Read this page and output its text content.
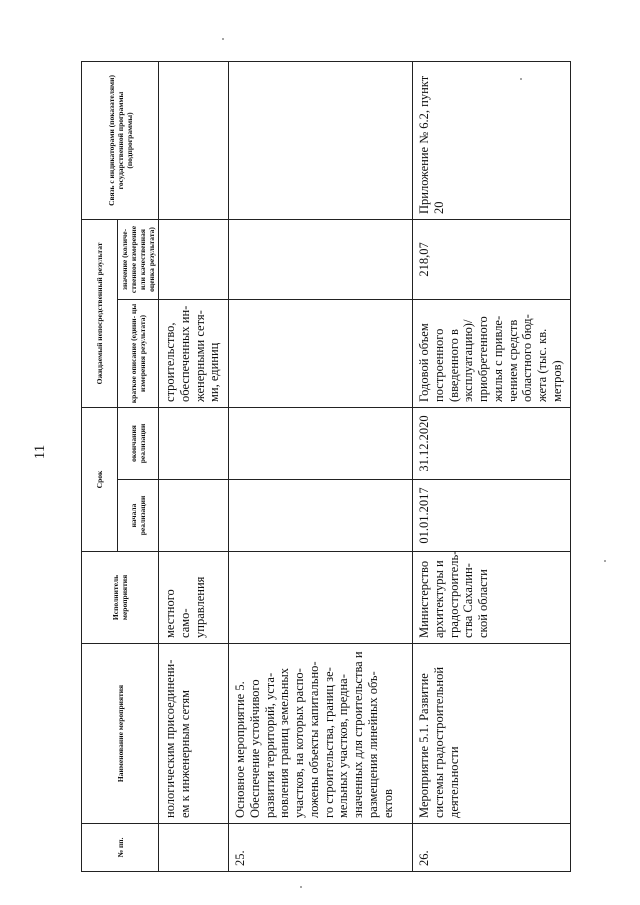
11
№ пп.	Наименование мероприятия	Исполнитель мероприятия	Срок		Ожидаемый непосредственный результат		Связь с индикаторами (показателями) государственной программы (подпрограммы)
			начала реализации	окончания реализации	краткое описание (едини- цы измерения результата)	значение (количе- ственное измерение или качественная оценка результата)	
	нологическим присоединени- ем к инженерным сетям	местного само- управления			строительство, обеспеченных ин- женерными сетя- ми, единиц		
25.	Основное мероприятие 5. Обеспечение устойчивого развития территорий, уста- новления границ земельных участков, на которых распо- ложены объекты капитально- го строительства, границ зе- мельных участков, предна- значенных для строительства и размещения линейных объ- ектов						
26.	Мероприятие 5.1. Развитие системы градостроительной деятельности	Министерство архитектуры и градостроитель- ства Сахалин- ской области	01.01.2017	31.12.2020	Годовой объем построенного (введенного в эксплуатацию)/ приобретенного жилья с привле- чением средств областного бюд- жета (тыс. кв. метров)	218,07	Приложение № 6.2, пункт 20
